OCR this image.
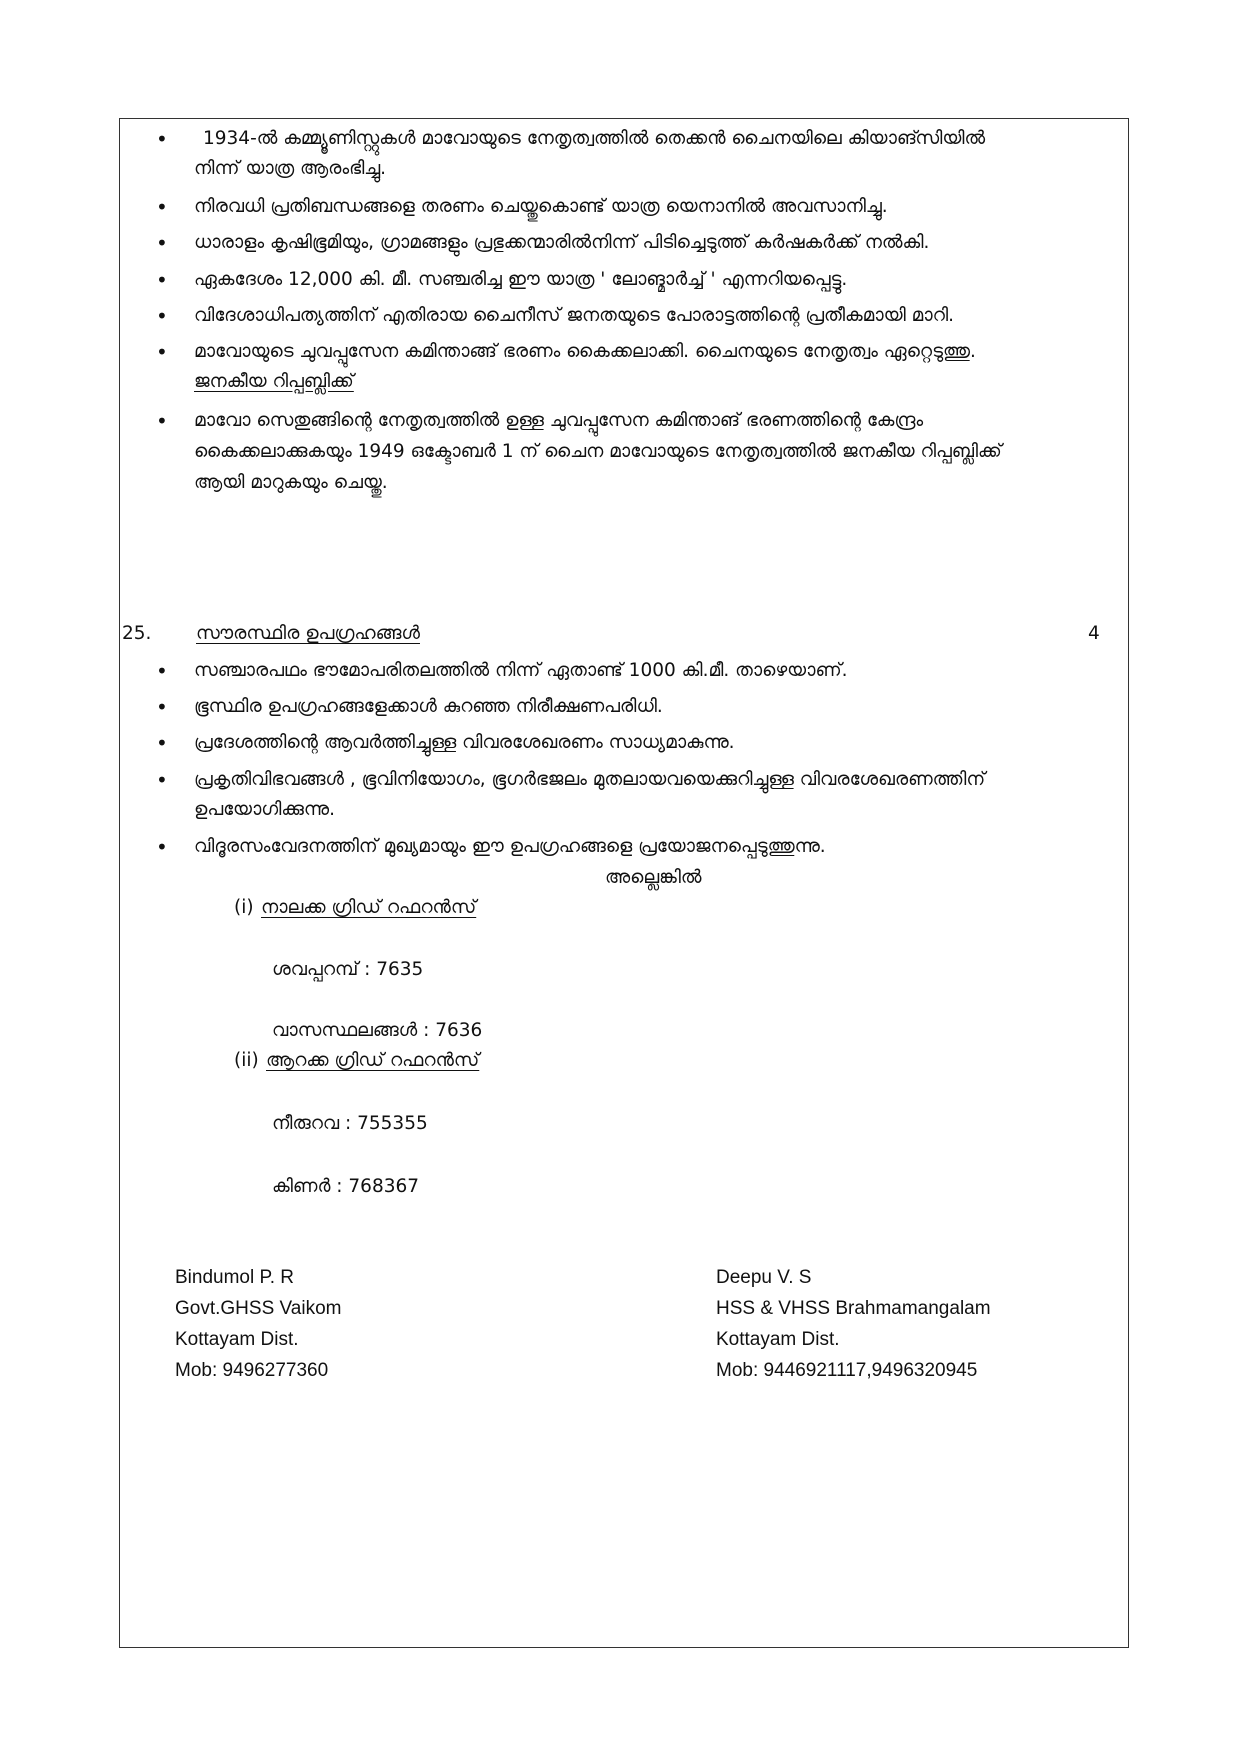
• 1934-ൽ കമ്മ്യൂണിസ്റ്റുകൾ മാവോയുടെ നേതൃത്വത്തിൽ തെക്കൻ ചൈനയിലെ കിയാങ്സിയിൽ
നിന്ന് യാത്ര ആരംഭിച്ചു.
• നിരവധി പ്രതിബന്ധങ്ങളെ തരണം ചെയ്തുകൊണ്ട് യാത്ര യെനാനിൽ അവസാനിച്ചു.
• ധാരാളം കൃഷിഭൂമിയും, ഗ്രാമങ്ങളും പ്രഭുക്കന്മാരിൽനിന്ന് പിടിച്ചെടുത്ത് കർഷകർക്ക് നൽകി.
• ഏകദേശം 12,000 കി. മീ. സഞ്ചരിച്ച ഈ യാത്ര ' ലോങ്മാർച്ച് ' എന്നറിയപ്പെട്ടു.
• വിദേശാധിപത്യത്തിന് എതിരായ ചൈനീസ് ജനതയുടെ പോരാട്ടത്തിന്റെ പ്രതീകമായി മാറി.
• മാവോയുടെ ചുവപ്പുസേന കമിന്താങ്ങ് ഭരണം കൈക്കലാക്കി. ചൈനയുടെ നേതൃത്വം ഏറ്റെടുത്തു.
ജനകീയ റിപ്പബ്ലിക്ക്
• മാവോ സെതുങ്ങിന്റെ നേതൃത്വത്തിൽ ഉള്ള ചുവപ്പുസേന കമിന്താങ് ഭരണത്തിന്റെ കേന്ദ്രം
കൈക്കലാക്കുകയും 1949 ഒക്ടോബർ 1 ന് ചൈന മാവോയുടെ നേതൃത്വത്തിൽ ജനകീയ റിപ്പബ്ലിക്ക്
ആയി മാറുകയും ചെയ്തു.
25. സൗരസ്ഥിര ഉപഗ്രഹങ്ങൾ	4
• സഞ്ചാരപഥം ഭൗമോപരിതലത്തിൽ നിന്ന് ഏതാണ്ട് 1000 കി.മീ. താഴെയാണ്.
• ഭൂസ്ഥിര ഉപഗ്രഹങ്ങളേക്കാൾ കുറഞ്ഞ നിരീക്ഷണപരിധി.
• പ്രദേശത്തിന്റെ ആവർത്തിച്ചുള്ള വിവരശേഖരണം സാധ്യമാകുന്നു.
• പ്രകൃതിവിഭവങ്ങൾ , ഭൂവിനിയോഗം, ഭൂഗർഭജലം മുതലായവയെക്കുറിച്ചുള്ള വിവരശേഖരണത്തിന്
ഉപയോഗിക്കുന്നു.
• വിദൂരസംവേദനത്തിന് മുഖ്യമായും ഈ ഉപഗ്രഹങ്ങളെ പ്രയോജനപ്പെടുത്തുന്നു.
അല്ലെങ്കിൽ
(i) നാലക്ക ഗ്രിഡ് റഫറൻസ്
ശവപ്പറമ്പ് : 7635
വാസസ്ഥലങ്ങൾ : 7636
(ii) ആറക്ക ഗ്രിഡ് റഫറൻസ്
നീരുറവ : 755355
കിണർ : 768367
Bindumol P. R
Govt.GHSS Vaikom
Kottayam Dist.
Mob: 9496277360
Deepu V. S
HSS & VHSS Brahmamangalam
Kottayam Dist.
Mob: 9446921117,9496320945
